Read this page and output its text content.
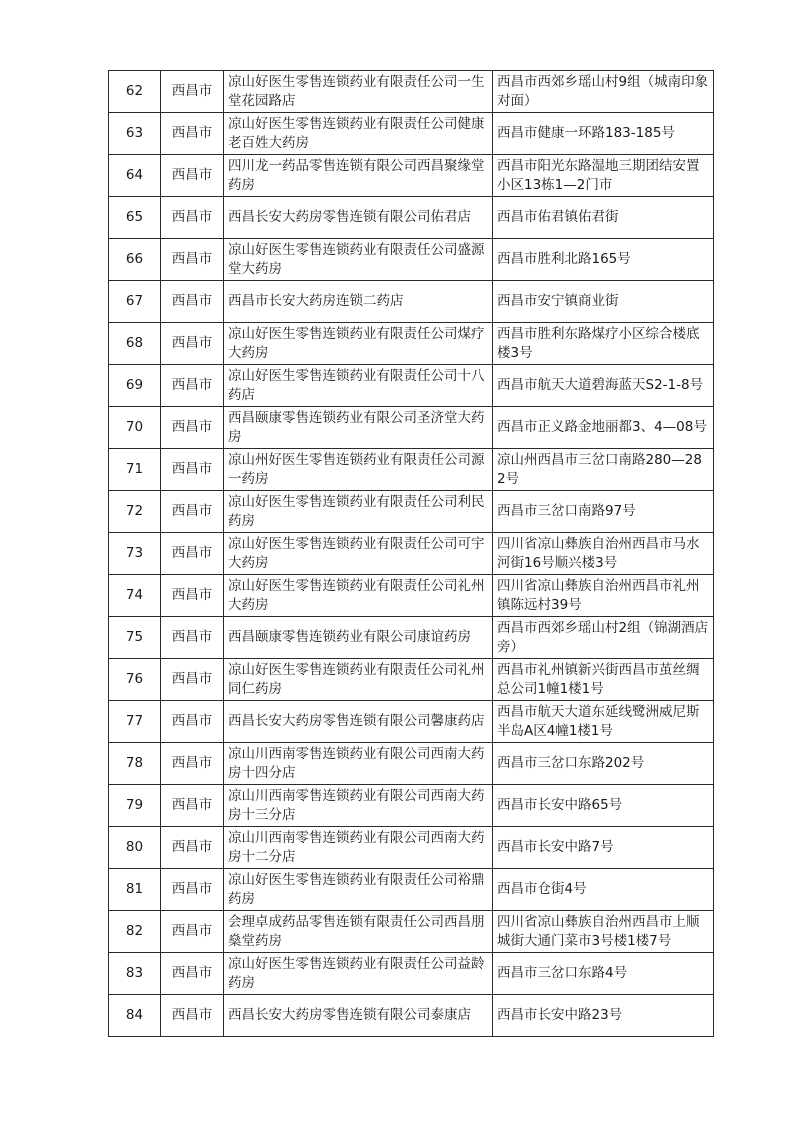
62	西昌市	凉山好医生零售连锁药业有限责任公司一生堂花园路店	西昌市西郊乡瑶山村9组（城南印象对面）
63	西昌市	凉山好医生零售连锁药业有限责任公司健康老百姓大药房	西昌市健康一环路183-185号
64	西昌市	四川龙一药品零售连锁有限公司西昌聚缘堂药房	西昌市阳光东路湿地三期团结安置小区13栋1—2门市
65	西昌市	西昌长安大药房零售连锁有限公司佑君店	西昌市佑君镇佑君街
66	西昌市	凉山好医生零售连锁药业有限责任公司盛源堂大药房	西昌市胜利北路165号
67	西昌市	西昌市长安大药房连锁二药店	西昌市安宁镇商业街
68	西昌市	凉山好医生零售连锁药业有限责任公司煤疗大药房	西昌市胜利东路煤疗小区综合楼底楼3号
69	西昌市	凉山好医生零售连锁药业有限责任公司十八药店	西昌市航天大道碧海蓝天S2-1-8号
70	西昌市	西昌颐康零售连锁药业有限公司圣济堂大药房	西昌市正义路金地丽都3、4—08号
71	西昌市	凉山州好医生零售连锁药业有限责任公司源一药房	凉山州西昌市三岔口南路280—282号
72	西昌市	凉山好医生零售连锁药业有限责任公司利民药房	西昌市三岔口南路97号
73	西昌市	凉山好医生零售连锁药业有限责任公司可宇大药房	四川省凉山彝族自治州西昌市马水河街16号顺兴楼3号
74	西昌市	凉山好医生零售连锁药业有限责任公司礼州大药房	四川省凉山彝族自治州西昌市礼州镇陈远村39号
75	西昌市	西昌颐康零售连锁药业有限公司康谊药房	西昌市西郊乡瑶山村2组（锦湖酒店旁）
76	西昌市	凉山好医生零售连锁药业有限责任公司礼州同仁药房	西昌市礼州镇新兴街西昌市茧丝绸总公司1幢1楼1号
77	西昌市	西昌长安大药房零售连锁有限公司馨康药店	西昌市航天大道东延线鹭洲威尼斯半岛A区4幢1楼1号
78	西昌市	凉山川西南零售连锁药业有限公司西南大药房十四分店	西昌市三岔口东路202号
79	西昌市	凉山川西南零售连锁药业有限公司西南大药房十三分店	西昌市长安中路65号
80	西昌市	凉山川西南零售连锁药业有限公司西南大药房十二分店	西昌市长安中路7号
81	西昌市	凉山好医生零售连锁药业有限责任公司裕鼎药房	西昌市仓街4号
82	西昌市	会理卓成药品零售连锁有限责任公司西昌朋燊堂药房	四川省凉山彝族自治州西昌市上顺城街大通门菜市3号楼1楼7号
83	西昌市	凉山好医生零售连锁药业有限责任公司益龄药房	西昌市三岔口东路4号
84	西昌市	西昌长安大药房零售连锁有限公司泰康店	西昌市长安中路23号
